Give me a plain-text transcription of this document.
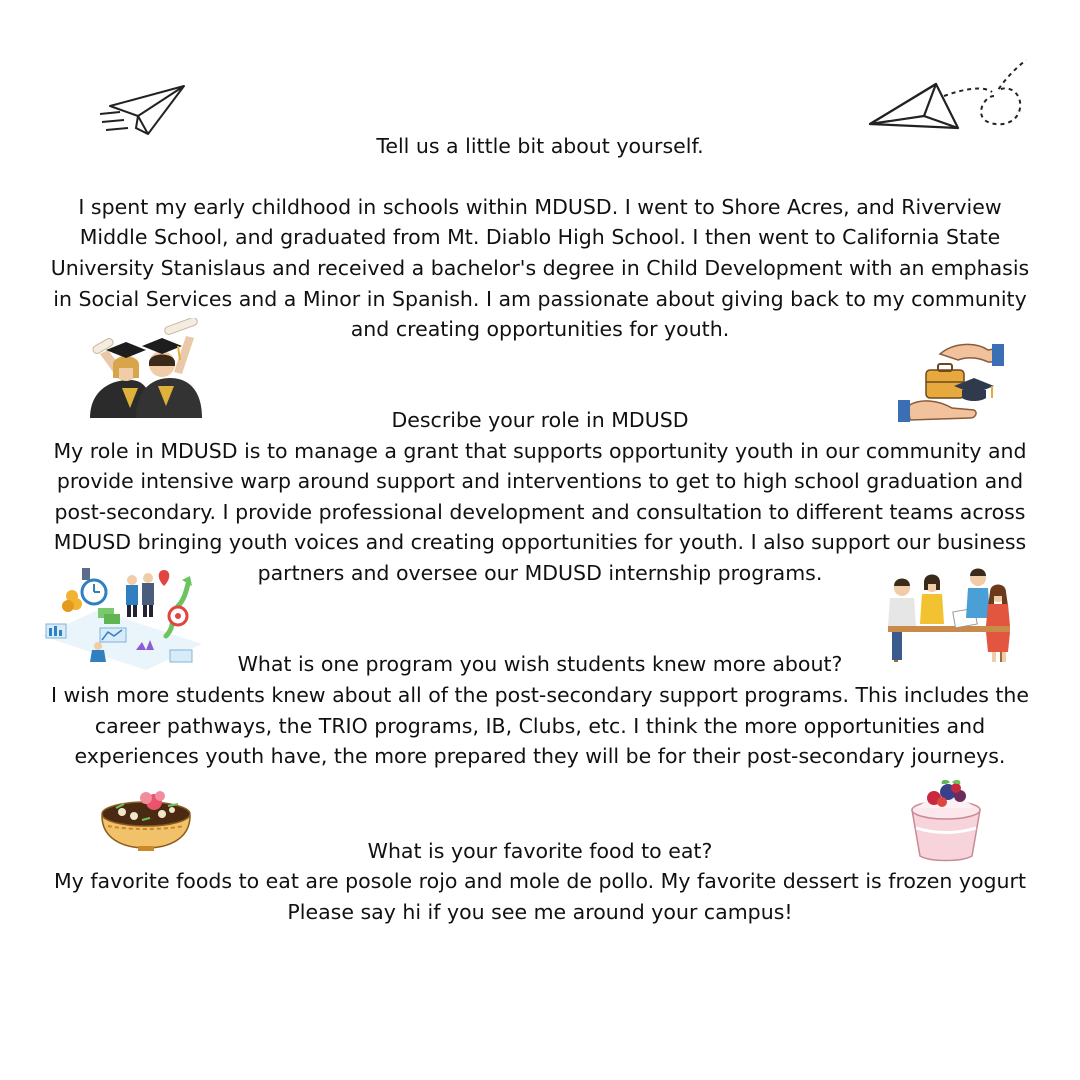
Tell us a little bit about yourself.

I spent my early childhood in schools within MDUSD. I went to Shore Acres, and Riverview

Middle School, and graduated from Mt. Diablo High School. I then went to California State

University Stanislaus and received a bachelor's degree in Child Development with an emphasis

in Social Services and a Minor in Spanish. I am passionate about giving back to my community

and creating opportunities for youth.

Describe your role in MDUSD

My role in MDUSD is to manage a grant that supports opportunity youth in our community and

provide intensive warp around support and interventions to get to high school graduation and

post-secondary. I provide professional development and consultation to different teams across

MDUSD bringing youth voices and creating opportunities for youth. I also support our business

partners and oversee our MDUSD internship programs.

What is one program you wish students knew more about?

I wish more students knew about all of the post-secondary support programs. This includes the

career pathways, the TRIO programs, IB, Clubs, etc. I think the more opportunities and

experiences youth have, the more prepared they will be for their post-secondary journeys.

What is your favorite food to eat?

My favorite foods to eat are posole rojo and mole de pollo. My favorite dessert is frozen yogurt

Please say hi if you see me around your campus!
